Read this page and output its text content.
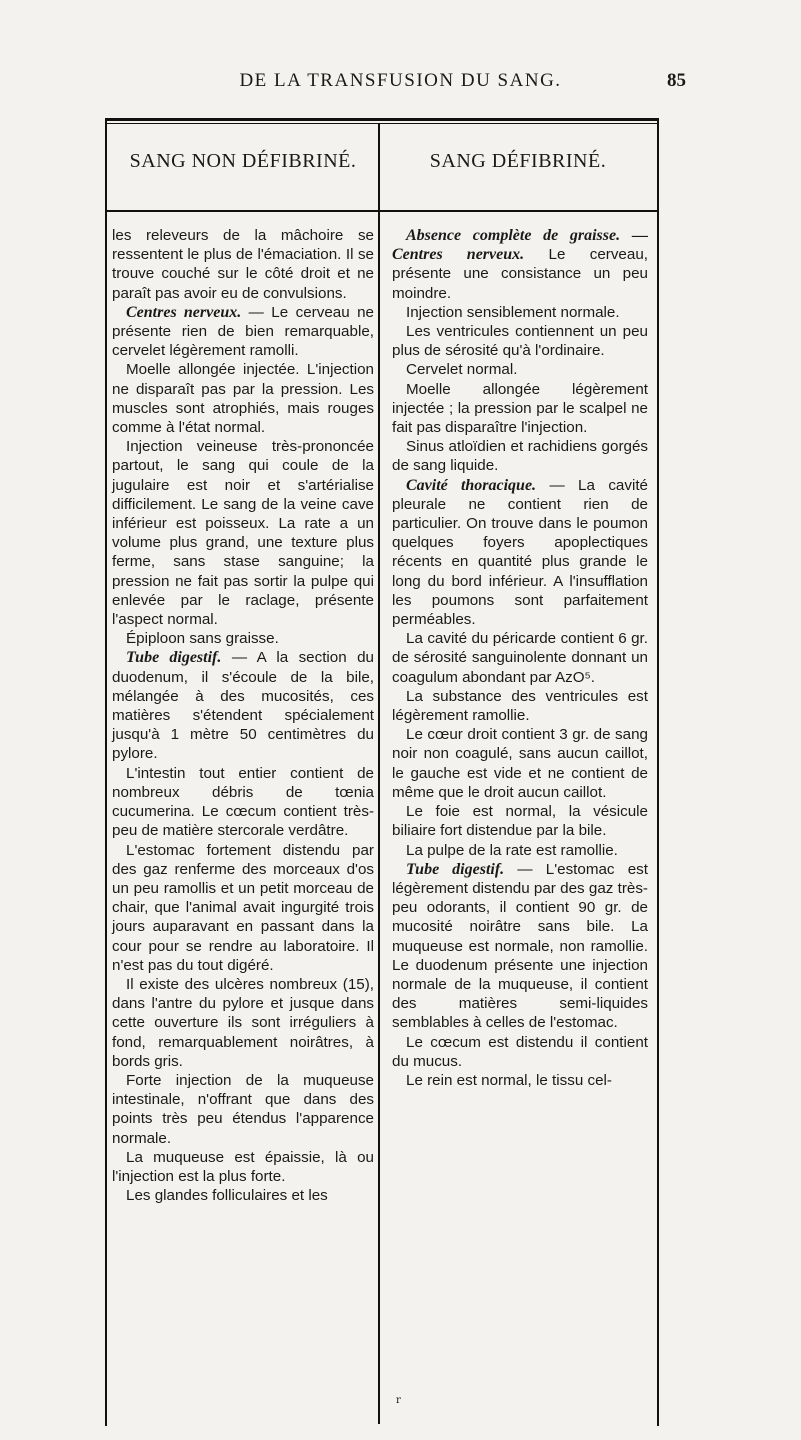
DE LA TRANSFUSION DU SANG.	85
SANG NON DÉFIBRINÉ.	SANG DÉFIBRINÉ.

les releveurs de la mâchoire se ressentent le plus de l'émaciation. Il se trouve couché sur le côté droit et ne paraît pas avoir eu de convulsions.

Centres nerveux. — Le cerveau ne présente rien de bien remarquable, cervelet légèrement ramolli.

Moelle allongée injectée. L'injection ne disparaît pas par la pression. Les muscles sont atrophiés, mais rouges comme à l'état normal.

Injection veineuse très-prononcée partout, le sang qui coule de la jugulaire est noir et s'artérialise difficilement. Le sang de la veine cave inférieur est poisseux. La rate a un volume plus grand, une texture plus ferme, sans stase sanguine; la pression ne fait pas sortir la pulpe qui enlevée par le raclage, présente l'aspect normal.

Épiploon sans graisse.

Tube digestif. — A la section du duodenum, il s'écoule de la bile, mélangée à des mucosités, ces matières s'étendent spécialement jusqu'à 1 mètre 50 centimètres du pylore.

L'intestin tout entier contient de nombreux débris de tœnia cucumerina. Le cœcum contient très-peu de matière stercorale verdâtre.

L'estomac fortement distendu par des gaz renferme des morceaux d'os un peu ramollis et un petit morceau de chair, que l'animal avait ingurgité trois jours auparavant en passant dans la cour pour se rendre au laboratoire. Il n'est pas du tout digéré.

Il existe des ulcères nombreux (15), dans l'antre du pylore et jusque dans cette ouverture ils sont irréguliers à fond, remarquablement noirâtres, à bords gris.

Forte injection de la muqueuse intestinale, n'offrant que dans des points très peu étendus l'apparence normale.

La muqueuse est épaissie, là ou l'injection est la plus forte.

Les glandes folliculaires et les

Absence complète de graisse. — Centres nerveux. Le cerveau, présente une consistance un peu moindre.

Injection sensiblement normale.

Les ventricules contiennent un peu plus de sérosité qu'à l'ordinaire.

Cervelet normal.

Moelle allongée légèrement injectée ; la pression par le scalpel ne fait pas disparaître l'injection.

Sinus atloïdien et rachidiens gorgés de sang liquide.

Cavité thoracique. — La cavité pleurale ne contient rien de particulier. On trouve dans le poumon quelques foyers apoplectiques récents en quantité plus grande le long du bord inférieur. A l'insufflation les poumons sont parfaitement perméables.

La cavité du péricarde contient 6 gr. de sérosité sanguinolente donnant un coagulum abondant par AzO⁵.

La substance des ventricules est légèrement ramollie.

Le cœur droit contient 3 gr. de sang noir non coagulé, sans aucun caillot, le gauche est vide et ne contient de même que le droit aucun caillot.

Le foie est normal, la vésicule biliaire fort distendue par la bile.

La pulpe de la rate est ramollie.

Tube digestif. — L'estomac est légèrement distendu par des gaz très-peu odorants, il contient 90 gr. de mucosité noirâtre sans bile. La muqueuse est normale, non ramollie. Le duodenum présente une injection normale de la muqueuse, il contient des matières semi-liquides semblables à celles de l'estomac.

Le cœcum est distendu il contient du mucus.

Le rein est normal, le tissu cel-

r
